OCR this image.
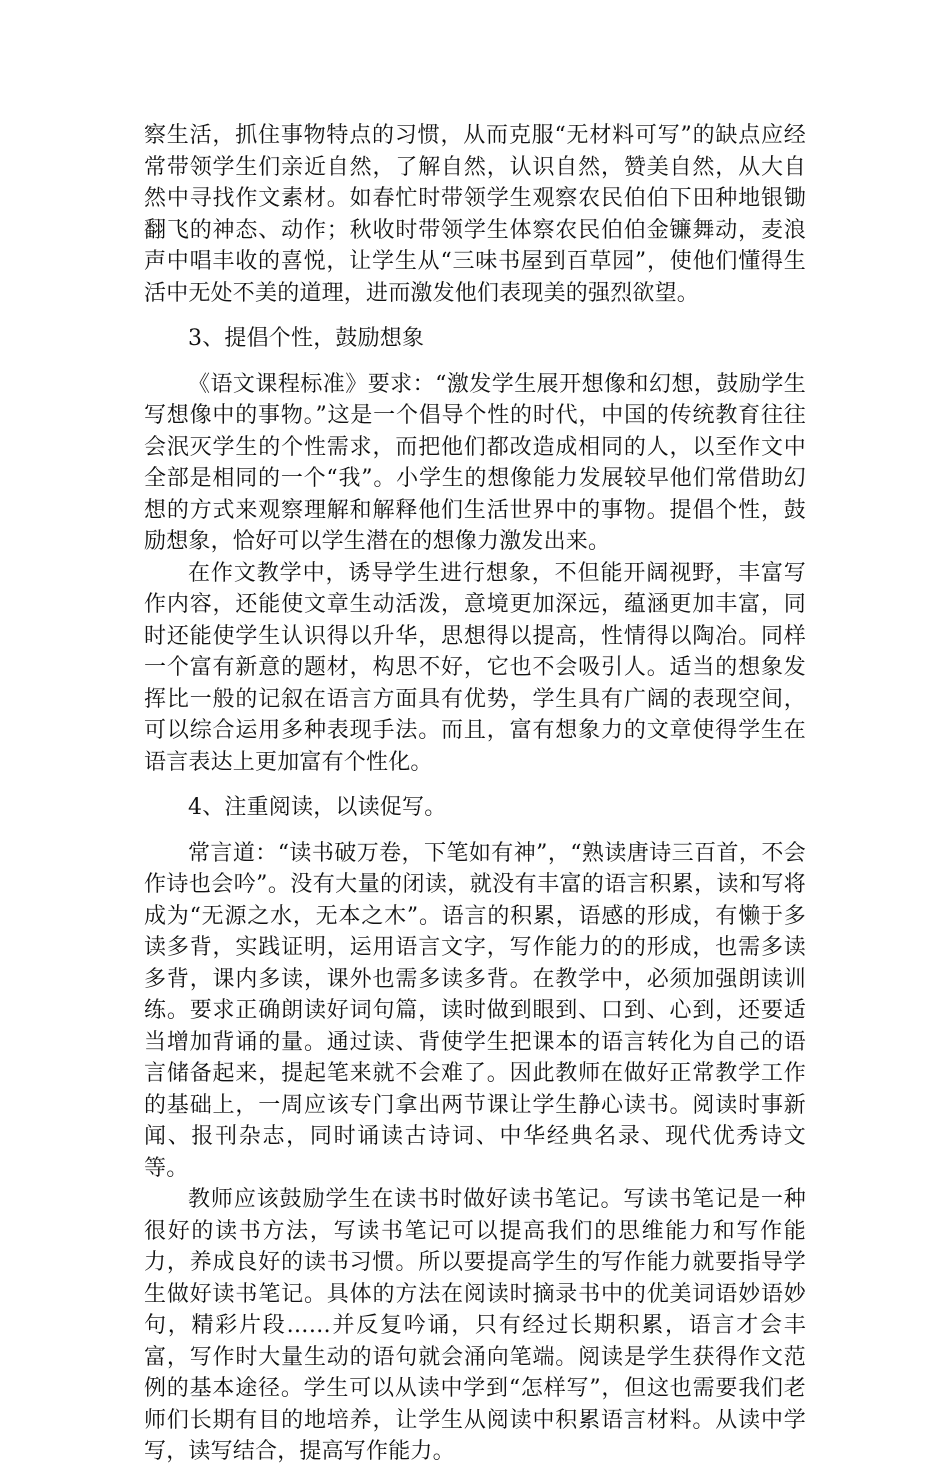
察生活，抓住事物特点的习惯，从而克服“无材料可写”的缺点应经常带领学生们亲近自然，了解自然，认识自然，赞美自然，从大自然中寻找作文素材。如春忙时带领学生观察农民伯伯下田种地银锄翻飞的神态、动作；秋收时带领学生体察农民伯伯金镰舞动，麦浪声中唱丰收的喜悦，让学生从“三味书屋到百草园”，使他们懂得生活中无处不美的道理，进而激发他们表现美的强烈欲望。

3、提倡个性，鼓励想象

《语文课程标准》要求：“激发学生展开想像和幻想，鼓励学生写想像中的事物。”这是一个倡导个性的时代，中国的传统教育往往会泯灭学生的个性需求，而把他们都改造成相同的人，以至作文中全部是相同的一个“我”。小学生的想像能力发展较早他们常借助幻想的方式来观察理解和解释他们生活世界中的事物。提倡个性，鼓励想象，恰好可以学生潜在的想像力激发出来。

在作文教学中，诱导学生进行想象，不但能开阔视野，丰富写作内容，还能使文章生动活泼，意境更加深远，蕴涵更加丰富，同时还能使学生认识得以升华，思想得以提高，性情得以陶冶。同样一个富有新意的题材，构思不好，它也不会吸引人。适当的想象发挥比一般的记叙在语言方面具有优势，学生具有广阔的表现空间，可以综合运用多种表现手法。而且，富有想象力的文章使得学生在语言表达上更加富有个性化。

4、注重阅读，以读促写。

常言道：“读书破万卷，下笔如有神”，“熟读唐诗三百首，不会作诗也会吟”。没有大量的闭读，就没有丰富的语言积累，读和写将成为“无源之水，无本之木”。语言的积累，语感的形成，有懒于多读多背，实践证明，运用语言文字，写作能力的的形成，也需多读多背，课内多读，课外也需多读多背。在教学中，必须加强朗读训练。要求正确朗读好词句篇，读时做到眼到、口到、心到，还要适当增加背诵的量。通过读、背使学生把课本的语言转化为自己的语言储备起来，提起笔来就不会难了。因此教师在做好正常教学工作的基础上，一周应该专门拿出两节课让学生静心读书。阅读时事新闻、报刊杂志，同时诵读古诗词、中华经典名录、现代优秀诗文等。

教师应该鼓励学生在读书时做好读书笔记。写读书笔记是一种很好的读书方法，写读书笔记可以提高我们的思维能力和写作能力，养成良好的读书习惯。所以要提高学生的写作能力就要指导学生做好读书笔记。具体的方法在阅读时摘录书中的优美词语妙语妙句，精彩片段……并反复吟诵，只有经过长期积累，语言才会丰富，写作时大量生动的语句就会涌向笔端。阅读是学生获得作文范例的基本途径。学生可以从读中学到“怎样写”，但这也需要我们老师们长期有目的地培养，让学生从阅读中积累语言材料。从读中学写，读写结合，提高写作能力。
